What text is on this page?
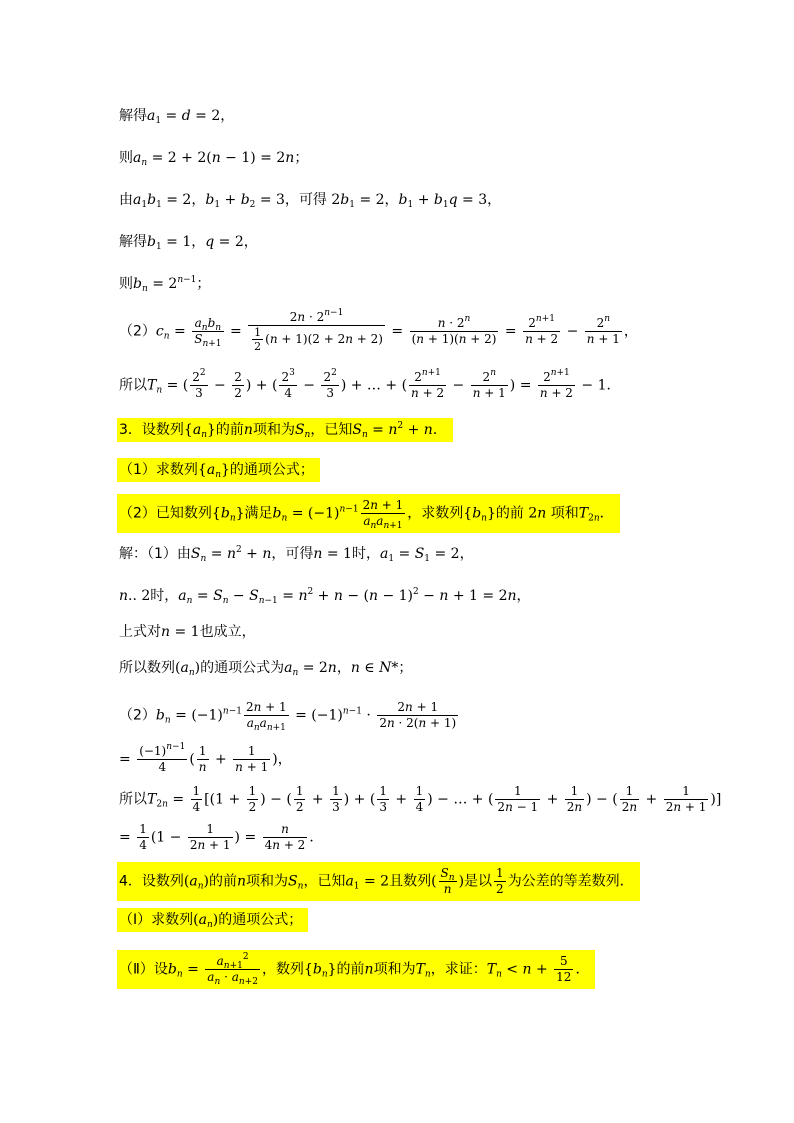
解得$a_1 = d = 2$，
则$a_n = 2 + 2(n - 1) = 2n$；
由$a_1b_1 = 2$，$b_1 + b_2 = 3$，可得 $2b_1 = 2$，$b_1 + b_1q = 3$，
解得$b_1 = 1$，q = 2，
则$b_n = 2^{n-1}$；
$(2)c_n = \frac{a_nb_n}{S_{n+1}} = \frac{2n \cdot 2^{n-1}}{\frac{1}{2} (n + 1)(2 + 2n + 2)} = \frac{n \cdot 2^n}{(n + 1)(n + 2)} = \frac{2^{n+1}}{n + 2} - \frac{2^n}{n + 1}$ ，
所以$T_n$ = ( $\frac{2^2}{3} - \frac{2}{2}$ ) + ( $\frac{2^3}{4} - \frac{2^2}{3}$ ) + … + ( $\frac{2^{n+1}}{n + 2} - \frac{2^n}{n + 1}$ ) = $\frac{2^{n+1}}{n + 2} - 1$．
3．设数列$\{a_n\}$的前n项和为$S_n$，已知$S_n = n^2 + n$．
（1）求数列$\{a_n\}$的通项公式；
（2）已知数列$\{b_n\}$满足$b_n = (-1)^{n-1} \frac{2n + 1}{a_na_{n+1}}$ ，求数列$\{b_n\}$的前 2n 项和$T_{2n}$．
解：（1）由$S_n = n^2 + n$，可得n = 1时，$a_1 = S_1 = 2$，
n.. 2时，$a_n = S_n - S_{n-1} = n^2 + n - (n - 1)^2 - n + 1 = 2n$，
上式对n = 1也成立，
所以数列$(a_n)$的通项公式为$a_n = 2n$，n ∈ N*；
$(2)b_n = (-1)^{n-1} \frac{2n + 1}{a_na_{n+1}} = (-1)^{n-1} \cdot \frac{2n + 1}{2n \cdot 2(n + 1)}$
= $\frac{(-1)^{n-1}}{4}$ ( $\frac{1}{n} + \frac{1}{n + 1}$ )，
所以$T_{2n} = \frac{1}{4} [(1 + \frac{1}{2}$ ) − ( $\frac{1}{2} + \frac{1}{3}$ ) + ( $\frac{1}{3} + \frac{1}{4}$ ) − … + ( $\frac{1}{2n - 1} + \frac{1}{2n}$ ) − ( $\frac{1}{2n} + \frac{1}{2n + 1}$ )]
= $\frac{1}{4} (1 - \frac{1}{2n + 1}$ ) = $\frac{n}{4n + 2}$ ．
4．设数列$(a_n)$的前n项和为$S_n$，已知$a_1 = 2$且数列( $\frac{S_n}{n}$ )是以 $\frac{1}{2}$ 为公差的等差数列．
（Ⅰ）求数列$(a_n)$的通项公式；
（Ⅱ）设$b_n = \frac{a_{n+1}^2}{a_n \cdot a_{n+2}}$ ，数列$\{b_n\}$的前n项和为$T_n$，求证：$T_n < n + \frac{5}{12}$ ．
